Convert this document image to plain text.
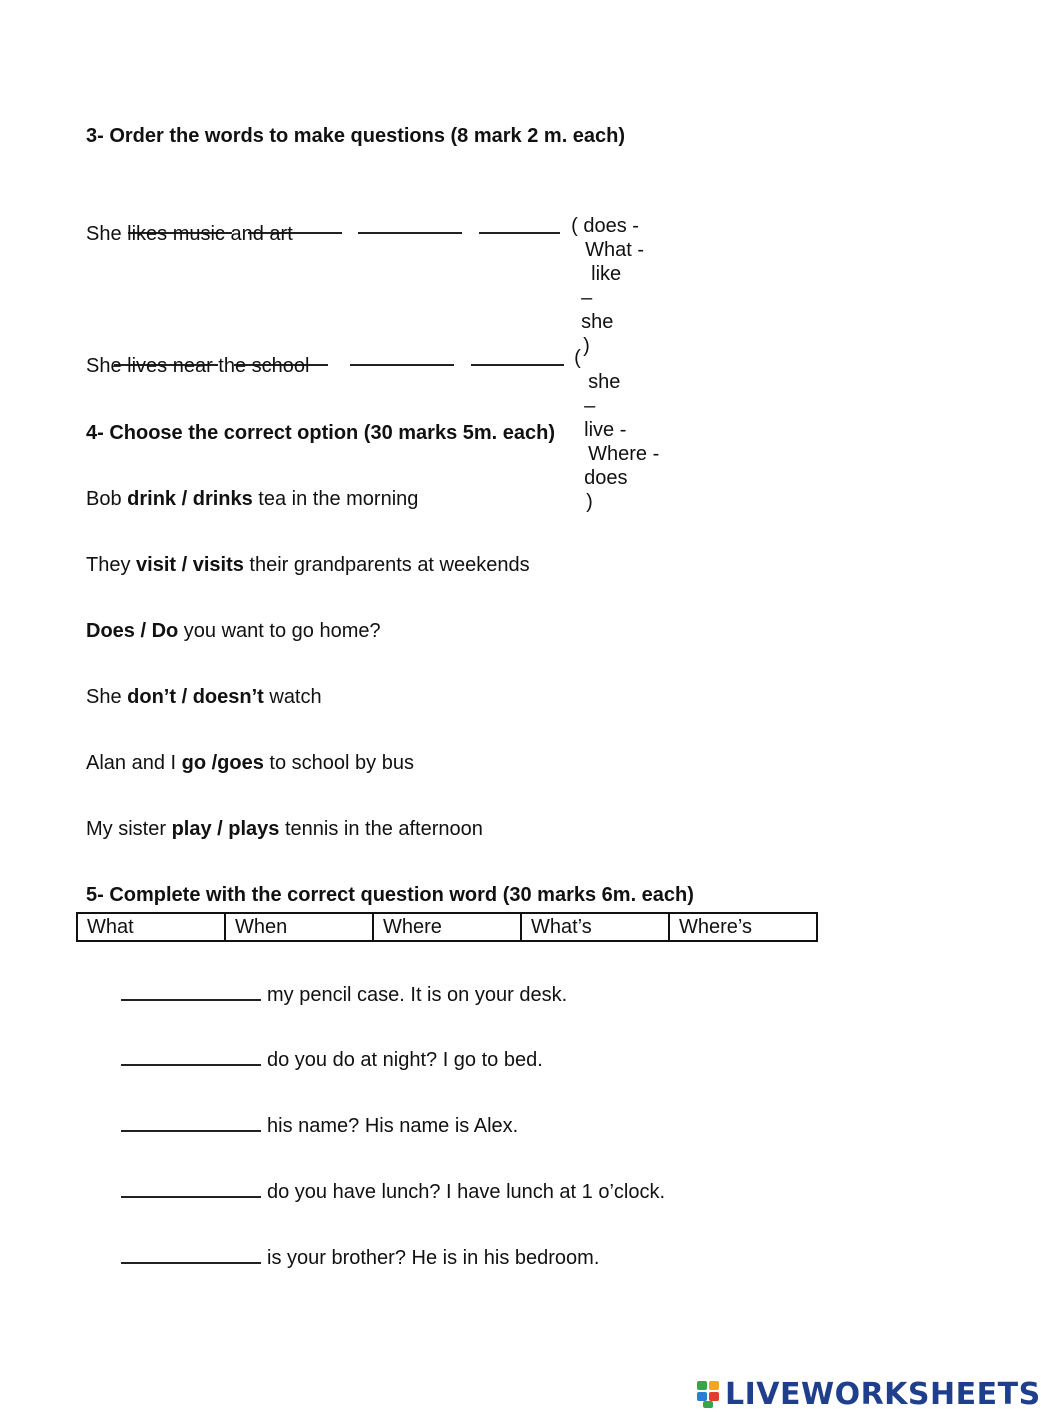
3- Order the words to make questions (8 mark 2 m. each)

( does -
What -
like
–
she
)

She likes music and art

(
she
–
live -
Where -
does
)

She lives near the school
4- Choose the correct option (30 marks 5m. each)
Bob drink / drinks tea in the morning
They visit / visits their grandparents at weekends
Does / Do you want to go home?
She don’t / doesn’t watch
Alan and I go /goes to school by bus
My sister play / plays tennis in the afternoon
5- Complete with the correct question word (30 marks 6m. each)
What	When	Where	What’s	Where’s
my pencil case. It is on your desk.
do you do at night? I go to bed.
his name? His name is Alex.
do you have lunch? I have lunch at 1 o’clock.
is your brother? He is in his bedroom.
LIVEWORKSHEETS
